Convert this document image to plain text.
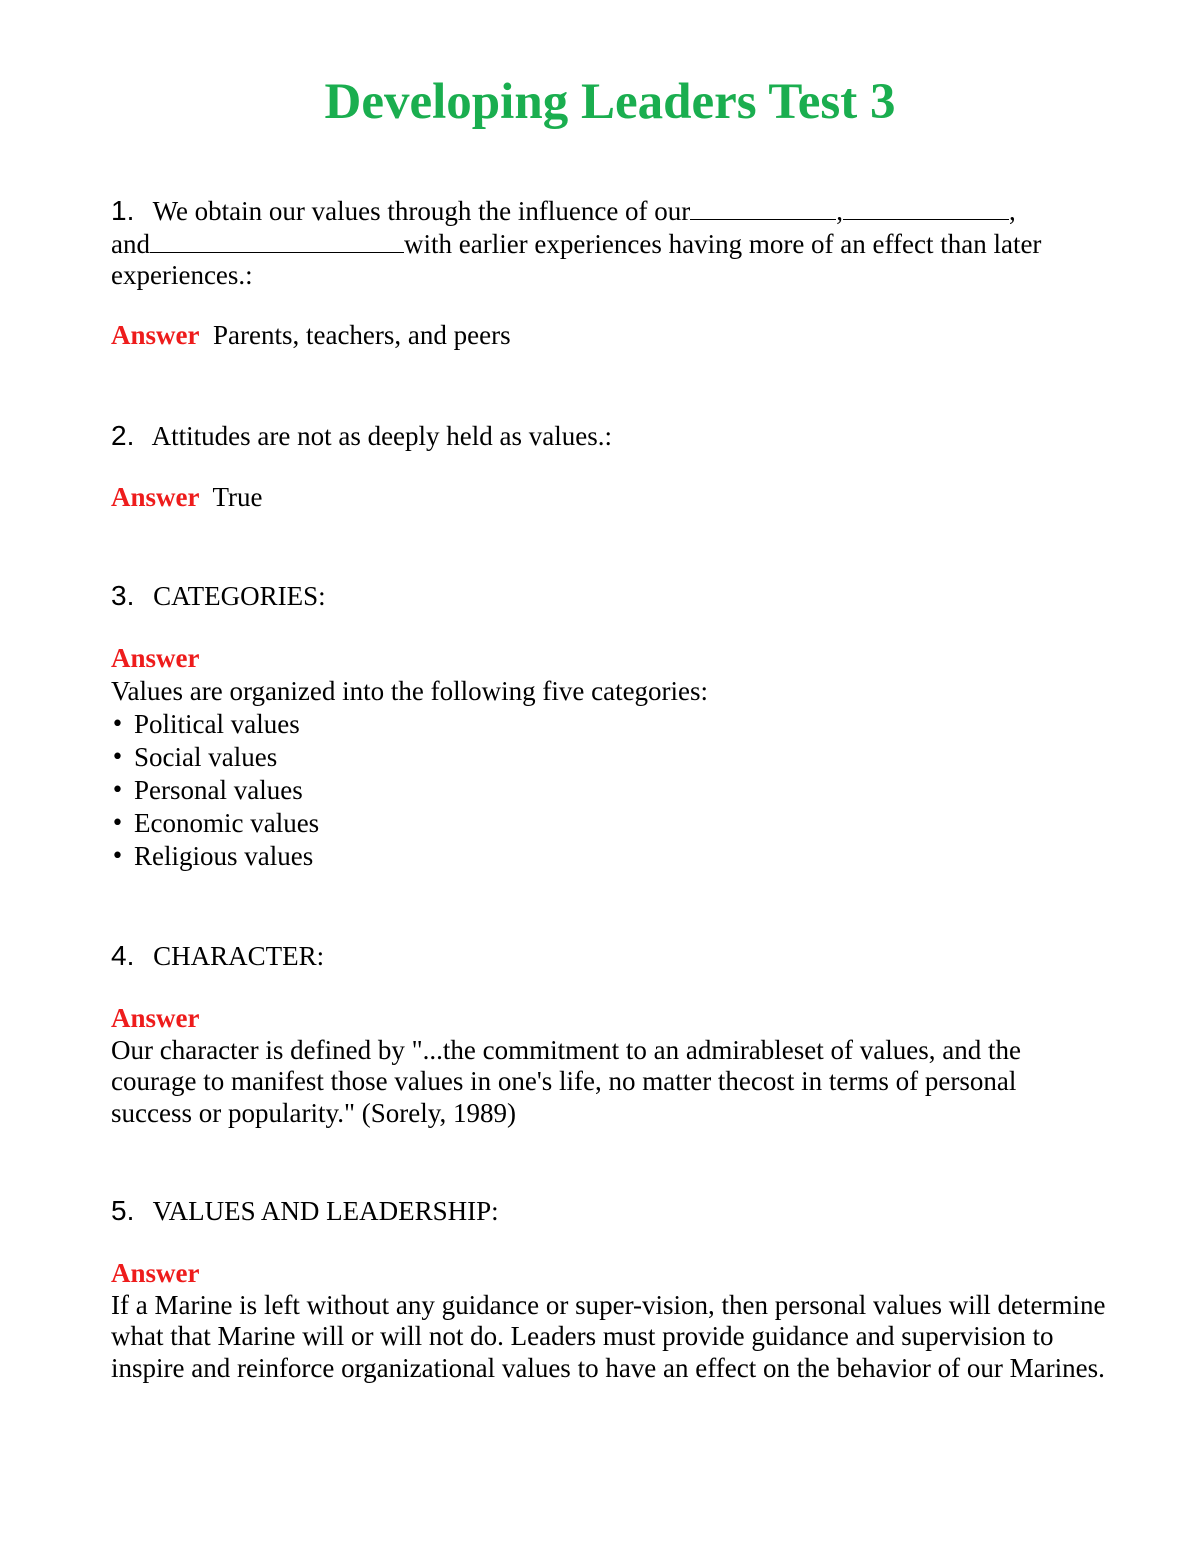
Developing Leaders Test 3
1. We obtain our values through the influence of our	,	,
and	with earlier experiences having more of an effect than later experiences.:
Answer Parents, teachers, and peers
2. Attitudes are not as deeply held as values.:
Answer True
3. CATEGORIES:
Answer
Values are organized into the following five categories:
• Political values
• Social values
• Personal values
• Economic values
• Religious values
4. CHARACTER:
Answer
Our character is defined by "...the commitment to an admirableset of values, and the courage to manifest those values in one's life, no matter thecost in terms of personal success or popularity." (Sorely, 1989)
5. VALUES AND LEADERSHIP:
Answer
If a Marine is left without any guidance or super-vision, then personal values will determine what that Marine will or will not do. Leaders must provide guidance and supervision to inspire and reinforce organizational values to have an effect on the behavior of our Marines.
